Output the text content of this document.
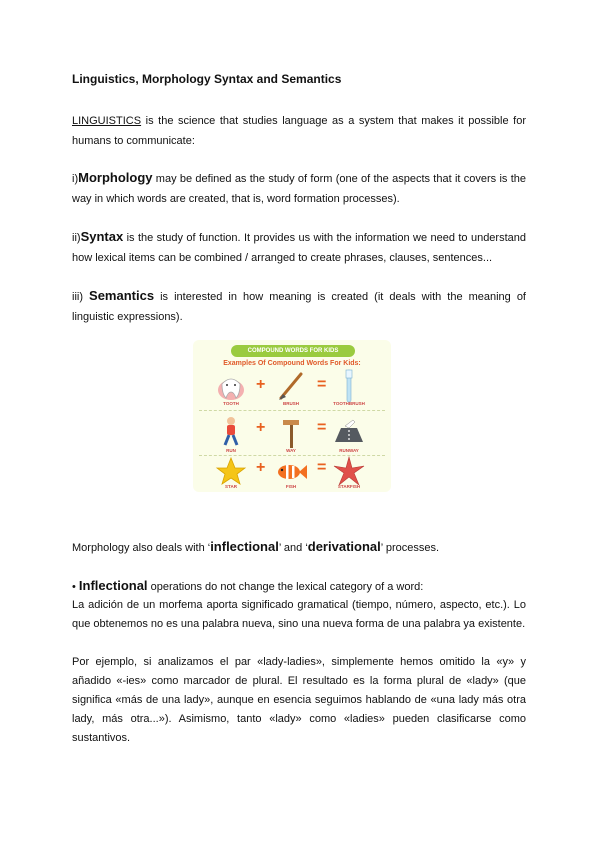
Linguistics, Morphology Syntax and Semantics

LINGUISTICS is the science that studies language as a system that makes it possible for humans to communicate:

i)Morphology may be defined as the study of form (one of the aspects that it covers is the way in which words are created, that is, word formation processes).

ii)Syntax is the study of function. It provides us with the information we need to understand how lexical items can be combined / arranged to create phrases, clauses, sentences...

iii) Semantics is interested in how meaning is created (it deals with the meaning of linguistic expressions).

COMPOUND WORDS FOR KIDS
Examples Of Compound Words For Kids:
TOOTH
+
BRUSH
=
TOOTHBRUSH
RUN
+
WAY
=
RUNWAY
STAR
+
FISH
=
STARFISH

Morphology also deals with ‘inflectional’ and ‘derivational’ processes.

• Inflectional operations do not change the lexical category of a word:

La adición de un morfema aporta significado gramatical (tiempo, número, aspecto, etc.). Lo que obtenemos no es una palabra nueva, sino una nueva forma de una palabra ya existente.

Por ejemplo, si analizamos el par «lady-ladies», simplemente hemos omitido la «y» y añadido «-ies» como marcador de plural. El resultado es la forma plural de «lady» (que significa «más de una lady», aunque en esencia seguimos hablando de «una lady más otra lady, más otra...»). Asimismo, tanto «lady» como «ladies» pueden clasificarse como sustantivos.
